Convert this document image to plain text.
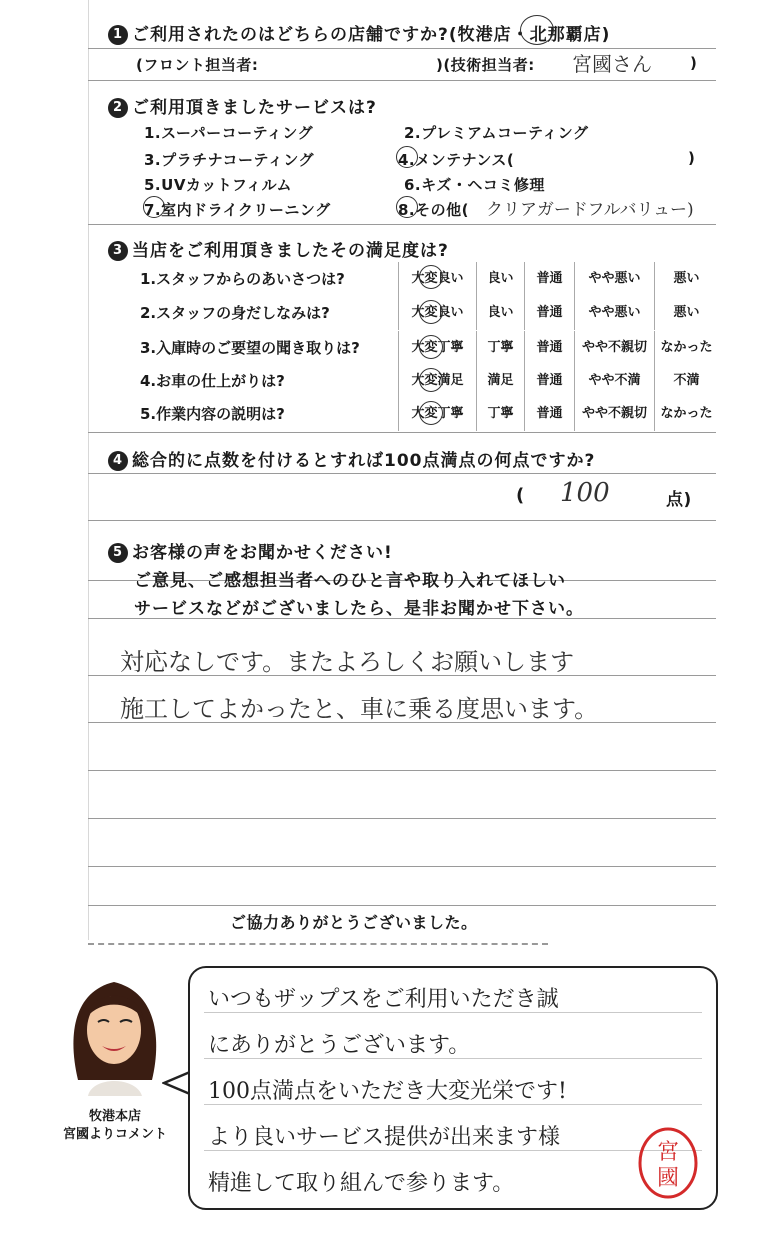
1 ご利用されたのはどちらの店舗ですか?(牧港店・北那覇店)
(フロント担当者:	)(技術担当者: 宮國さん	)
2 ご利用頂きましたサービスは?
1.スーパーコーティング	2.プレミアムコーティング
3.プラチナコーティング	4.メンテナンス(	)
5.UVカットフィルム	6.キズ・ヘコミ修理
7.室内ドライクリーニング	8.その他( クリアガードフルバリュー)
3 当店をご利用頂きましたその満足度は?
1.スタッフからのあいさつは?	大変良い	良い	普通	やや悪い	悪い
2.スタッフの身だしなみは?	大変良い	良い	普通	やや悪い	悪い
3.入庫時のご要望の聞き取りは?	大変丁寧	丁寧	普通	やや不親切	なかった
4.お車の仕上がりは?	大変満足	満足	普通	やや不満	不満
5.作業内容の説明は?	大変丁寧	丁寧	普通	やや不親切	なかった
4 総合的に点数を付けるとすれば100点満点の何点ですか?
( 100	点)
5 お客様の声をお聞かせください!
ご意見、ご感想担当者へのひと言や取り入れてほしい
サービスなどがございましたら、是非お聞かせ下さい。
対応なしです。またよろしくお願いします
施工してよかったと、車に乗る度思います。
ご協力ありがとうございました。
牧港本店
宮國よりコメント
いつもザップスをご利用いただき誠
にありがとうございます。
100点満点をいただき大変光栄です!
より良いサービス提供が出来ます様
精進して取り組んで参ります。
宮
國
